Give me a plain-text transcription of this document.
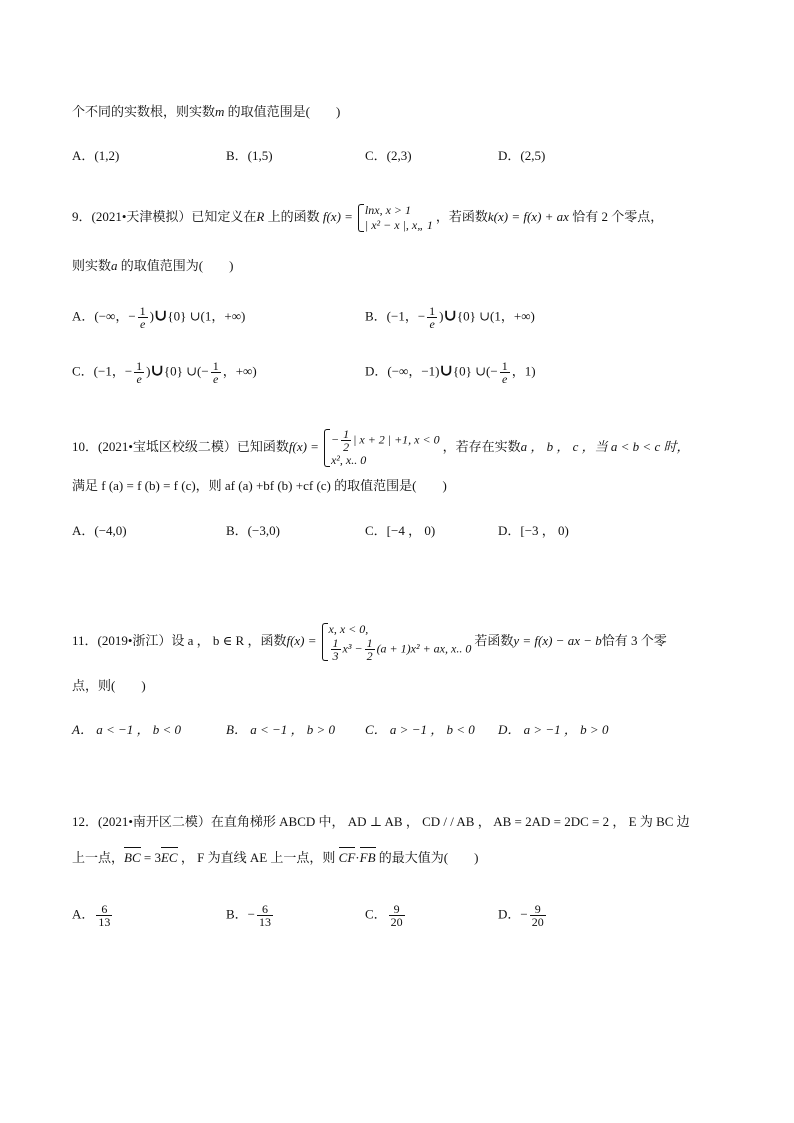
个不同的实数根，则实数m 的取值范围是(　　)
A．(1,2)	B．(1,5)	C．(2,3)	D．(2,5)
9．(2021•天津模拟）已知定义在R 上的函数 f(x) = lnx, x > 1
| x² − x |, x„ 1
，若函数k(x) = f(x) + ax 恰有 2 个零点，
则实数a 的取值范围为(　　)
A．(−∞，− $\frac{1}{e}$ )∪{0} ∪(1，+∞)	B．(−1，− $\frac{1}{e}$ )∪{0} ∪(1，+∞)
C．(−1，− $\frac{1}{e}$ )∪{0} ∪(− $\frac{1}{e}$ ，+∞)	D．(−∞，−1)∪{0} ∪(− $\frac{1}{e}$ ，1)
10．(2021•宝坻区校级二模）已知函数f(x) = − $\frac{1}{2}$ | x + 2 | +1, x < 0
x², x.. 0
，若存在实数a ， b ， c ，当 a < b < c 时，
满足 f (a) = f (b) = f (c)，则 af (a) +bf (b) +cf (c) 的取值范围是(　　)
A．(−4,0)	B．(−3,0)	C．[−4 ， 0)	D．[−3 ， 0)
11．(2019•浙江）设 a ， b ∈ R ，函数f(x) =
x, x < 0,
$\frac{1}{3} x^3 - \frac{1}{2} (a + 1)x^2$ + ax, x.. 0
若函数y = f(x) − ax − b恰有 3 个零
点，则(　　)
A． a < −1 ， b < 0	B． a < −1 ， b > 0 C． a > −1 ， b < 0 D． a > −1 ， b > 0
12．(2021•南开区二模）在直角梯形 ABCD 中， AD ⊥ AB ， CD / / AB ， AB = 2AD = 2DC = 2 ， E 为 BC 边
上一点，BC = 3EC ， F 为直线 AE 上一点，则 CF·FB 的最大值为(　　)
A． $\frac{6}{13}$	B．− $\frac{6}{13}$	C． $\frac{9}{20}$	D．− $\frac{9}{20}$
